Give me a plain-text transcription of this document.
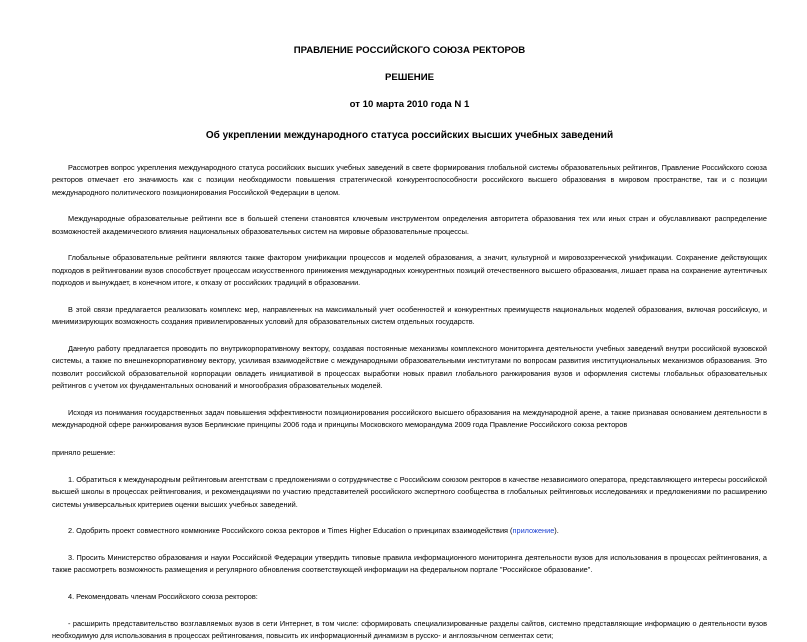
ПРАВЛЕНИЕ РОССИЙСКОГО СОЮЗА РЕКТОРОВ

РЕШЕНИЕ

от 10 марта 2010 года N 1

Об укреплении международного статуса российских высших учебных заведений

Рассмотрев вопрос укрепления международного статуса российских высших учебных заведений в свете формирования глобальной системы образовательных рейтингов, Правление Российского союза ректоров отмечает его значимость как с позиции необходимости повышения стратегической конкурентоспособности российского высшего образования в мировом пространстве, так и с позиции международного политического позиционирования Российской Федерации в целом.

Международные образовательные рейтинги все в большей степени становятся ключевым инструментом определения авторитета образования тех или иных стран и обуславливают распределение возможностей академического влияния национальных образовательных систем на мировые образовательные процессы.

Глобальные образовательные рейтинги являются также фактором унификации процессов и моделей образования, а значит, культурной и мировоззренческой унификации. Сохранение действующих подходов в рейтинговании вузов способствует процессам искусственного принижения международных конкурентных позиций отечественного высшего образования, лишает права на сохранение аутентичных подходов и вынуждает, в конечном итоге, к отказу от российских традиций в образовании.

В этой связи предлагается реализовать комплекс мер, направленных на максимальный учет особенностей и конкурентных преимуществ национальных моделей образования, включая российскую, и минимизирующих возможность создания привилегированных условий для образовательных систем отдельных государств.

Данную работу предлагается проводить по внутрикорпоративному вектору, создавая постоянные механизмы комплексного мониторинга деятельности учебных заведений внутри российской вузовской системы, а также по внешнекорпоративному вектору, усиливая взаимодействие с международными образовательными институтами по вопросам развития институциональных механизмов образования. Это позволит российской образовательной корпорации овладеть инициативой в процессах выработки новых правил глобального ранжирования вузов и оформления системы глобальных образовательных рейтингов с учетом их фундаментальных оснований и многообразия образовательных моделей.

Исходя из понимания государственных задач повышения эффективности позиционирования российского высшего образования на международной арене, а также признавая основанием деятельности в международной сфере ранжирования вузов Берлинские принципы 2006 года и принципы Московского меморандума 2009 года Правление Российского союза ректоров

приняло решение:

1. Обратиться к международным рейтинговым агентствам с предложениями о сотрудничестве с Российским союзом ректоров в качестве независимого оператора, представляющего интересы российской высшей школы в процессах рейтингования, и рекомендациями по участию представителей российского экспертного сообщества в глобальных рейтинговых исследованиях и предложениями по расширению системы универсальных критериев оценки высших учебных заведений.

2. Одобрить проект совместного коммюнике Российского союза ректоров и Times Higher Education о принципах взаимодействия (приложение).

3. Просить Министерство образования и науки Российской Федерации утвердить типовые правила информационного мониторинга деятельности вузов для использования в процессах рейтингования, а также рассмотреть возможность размещения и регулярного обновления соответствующей информации на федеральном портале "Российское образование".

4. Рекомендовать членам Российского союза ректоров:

- расширить представительство возглавляемых вузов в сети Интернет, в том числе: сформировать специализированные разделы сайтов, системно представляющие информацию о деятельности вузов необходимую для использования в процессах рейтингования, повысить их информационный динамизм в русско- и англоязычном сегментах сети;
